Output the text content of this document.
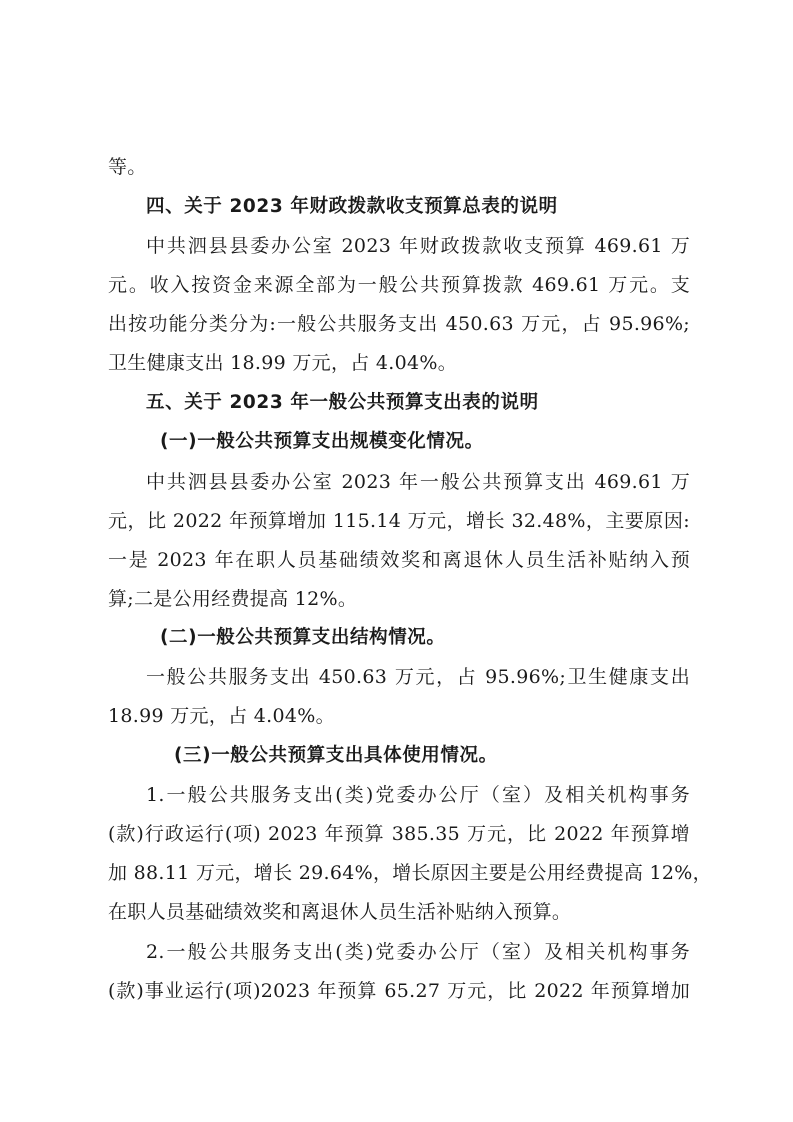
等。
四、关于 2023 年财政拨款收支预算总表的说明
中共泗县县委办公室 2023 年财政拨款收支预算 469.61 万
元。收入按资金来源全部为一般公共预算拨款 469.61 万元。支
出按功能分类分为:一般公共服务支出 450.63 万元，占 95.96%;
卫生健康支出 18.99 万元，占 4.04%。
五、关于 2023 年一般公共预算支出表的说明
(一)一般公共预算支出规模变化情况。
中共泗县县委办公室 2023 年一般公共预算支出 469.61 万
元，比 2022 年预算增加 115.14 万元，增长 32.48%，主要原因:
一是 2023 年在职人员基础绩效奖和离退休人员生活补贴纳入预
算;二是公用经费提高 12%。
(二)一般公共预算支出结构情况。
一般公共服务支出 450.63 万元，占 95.96%;卫生健康支出
18.99 万元，占 4.04%。
(三)一般公共预算支出具体使用情况。
1.一般公共服务支出(类)党委办公厅（室）及相关机构事务
(款)行政运行(项) 2023 年预算 385.35 万元，比 2022 年预算增
加 88.11 万元，增长 29.64%，增长原因主要是公用经费提高 12%，
在职人员基础绩效奖和离退休人员生活补贴纳入预算。
2.一般公共服务支出(类)党委办公厅（室）及相关机构事务
(款)事业运行(项)2023 年预算 65.27 万元，比 2022 年预算增加
